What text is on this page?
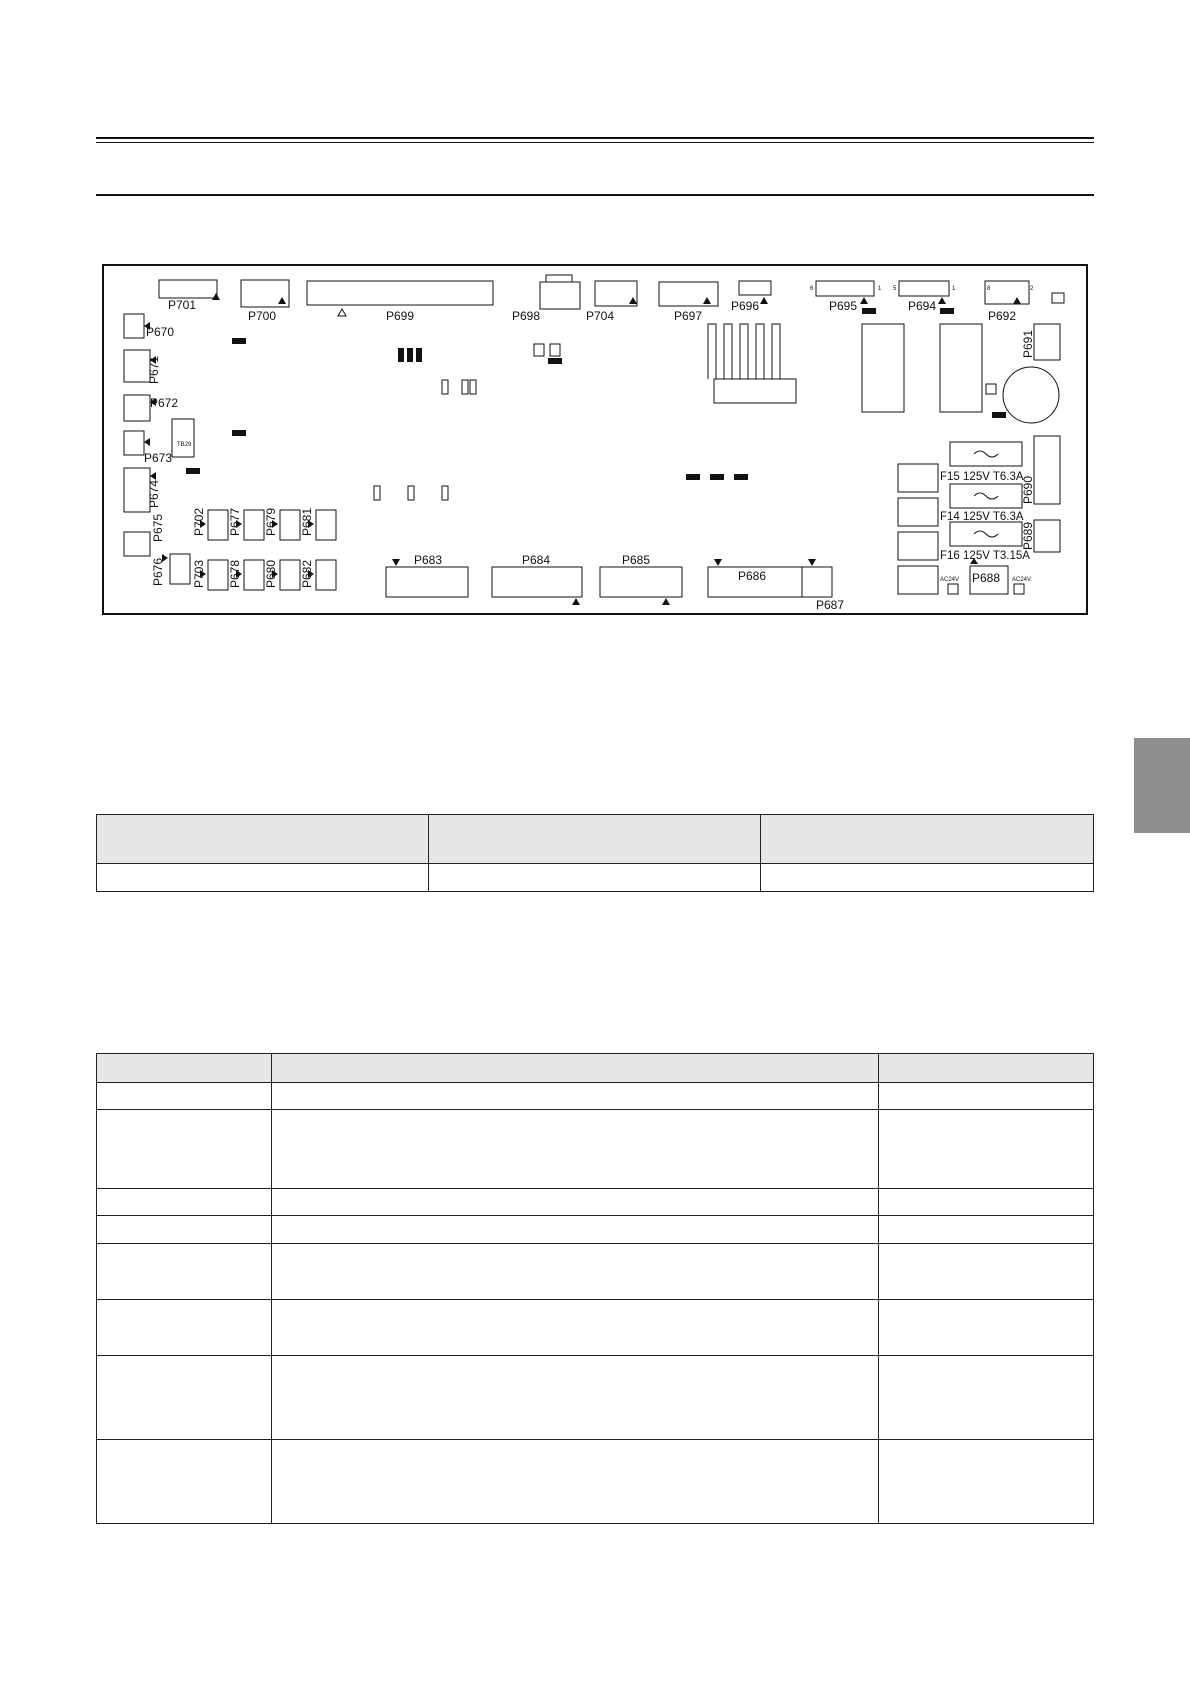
P701
P700	P699	P698	P704	P697
P696	P695	P694
P692
6	1 5	1	8	2
P670
P672
P673
P686
P683	P684	P685
P687
P688
TB29
AC24V	AC24V
P671
P674
P675
P676
P702
P703
P677
P678
P679
P680
P681
P682
P691
P690
P689
F15 125V T6.3A
F14 125V T6.3A
F16 125V T3.15A
